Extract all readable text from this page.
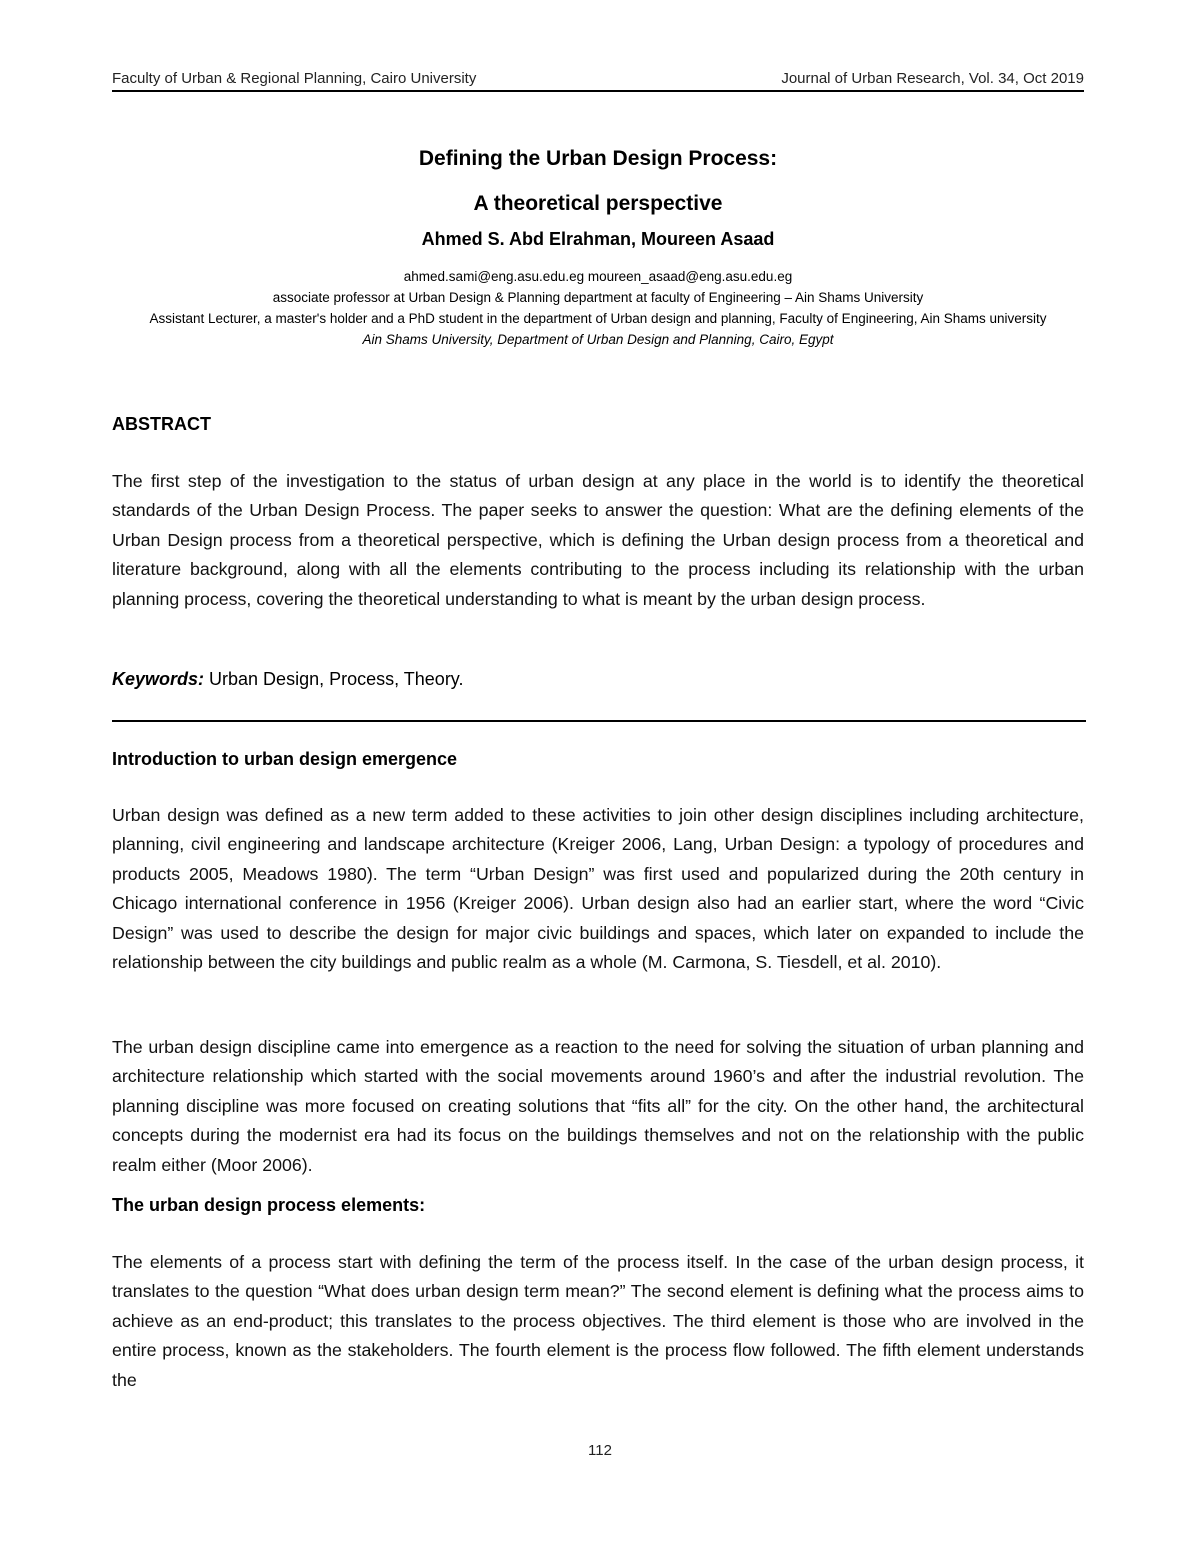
Faculty of Urban & Regional Planning, Cairo University	Journal of Urban Research, Vol. 34, Oct 2019

Defining the Urban Design Process:

A theoretical perspective

Ahmed S. Abd Elrahman, Moureen Asaad

ahmed.sami@eng.asu.edu.eg moureen_asaad@eng.asu.edu.eg

associate professor at Urban Design & Planning department at faculty of Engineering – Ain Shams University

Assistant Lecturer, a master's holder and a PhD student in the department of Urban design and planning, Faculty of Engineering, Ain Shams university

Ain Shams University, Department of Urban Design and Planning, Cairo, Egypt

ABSTRACT

The first step of the investigation to the status of urban design at any place in the world is to identify the theoretical standards of the Urban Design Process. The paper seeks to answer the question: What are the defining elements of the Urban Design process from a theoretical perspective, which is defining the Urban design process from a theoretical and literature background, along with all the elements contributing to the process including its relationship with the urban planning process, covering the theoretical understanding to what is meant by the urban design process.

Keywords: Urban Design, Process, Theory.

Introduction to urban design emergence

Urban design was defined as a new term added to these activities to join other design disciplines including architecture, planning, civil engineering and landscape architecture (Kreiger 2006, Lang, Urban Design: a typology of procedures and products 2005, Meadows 1980). The term “Urban Design” was first used and popularized during the 20th century in Chicago international conference in 1956 (Kreiger 2006). Urban design also had an earlier start, where the word “Civic Design” was used to describe the design for major civic buildings and spaces, which later on expanded to include the relationship between the city buildings and public realm as a whole (M. Carmona, S. Tiesdell, et al. 2010).

The urban design discipline came into emergence as a reaction to the need for solving the situation of urban planning and architecture relationship which started with the social movements around 1960’s and after the industrial revolution. The planning discipline was more focused on creating solutions that “fits all” for the city. On the other hand, the architectural concepts during the modernist era had its focus on the buildings themselves and not on the relationship with the public realm either (Moor 2006).

The urban design process elements:

The elements of a process start with defining the term of the process itself. In the case of the urban design process, it translates to the question “What does urban design term mean?” The second element is defining what the process aims to achieve as an end-product; this translates to the process objectives. The third element is those who are involved in the entire process, known as the stakeholders. The fourth element is the process flow followed. The fifth element understands the

112
